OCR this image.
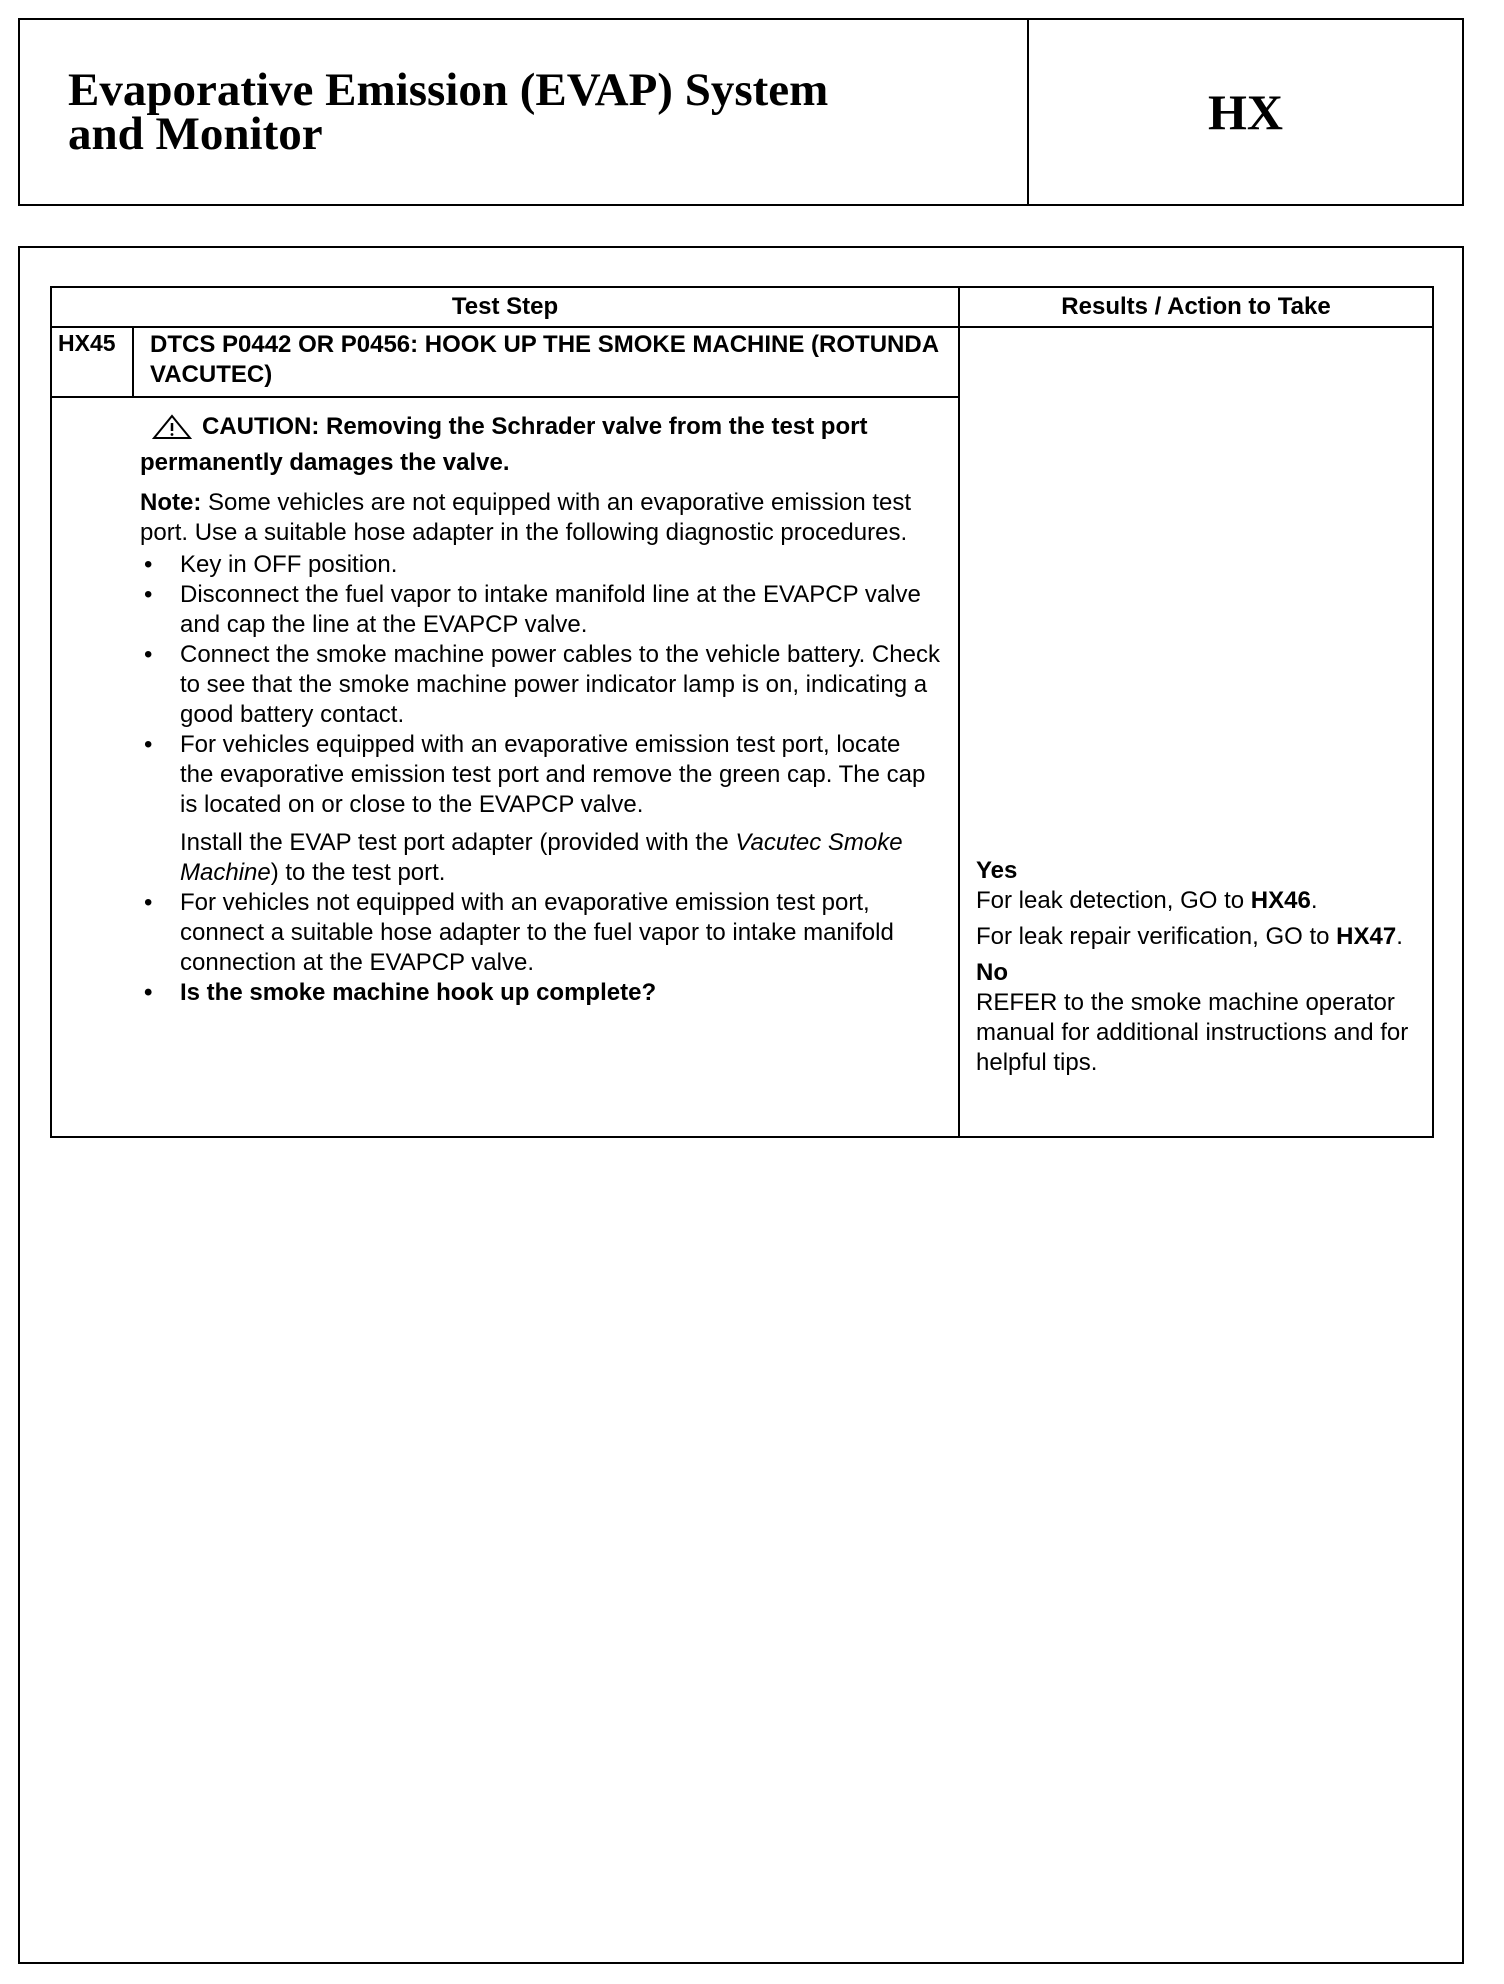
Evaporative Emission (EVAP) System
and Monitor	HX
Test Step	Results / Action to Take
HX45 DTCS P0442 OR P0456: HOOK UP THE SMOKE MACHINE (ROTUNDA VACUTEC)

CAUTION: Removing the Schrader valve from the test port permanently damages the valve.

Note: Some vehicles are not equipped with an evaporative emission test port. Use a suitable hose adapter in the following diagnostic procedures.

• Key in OFF position.
• Disconnect the fuel vapor to intake manifold line at the EVAPCP valve and cap the line at the EVAPCP valve.
• Connect the smoke machine power cables to the vehicle battery. Check to see that the smoke machine power indicator lamp is on, indicating a good battery contact.
• For vehicles equipped with an evaporative emission test port, locate the evaporative emission test port and remove the green cap. The cap is located on or close to the EVAPCP valve.

Install the EVAP test port adapter (provided with the Vacutec Smoke Machine) to the test port.

• For vehicles not equipped with an evaporative emission test port, connect a suitable hose adapter to the fuel vapor to intake manifold connection at the EVAPCP valve.
• Is the smoke machine hook up complete?

Yes

For leak detection, GO to HX46.

For leak repair verification, GO to HX47.

No

REFER to the smoke machine operator manual for additional instructions and for helpful tips.
